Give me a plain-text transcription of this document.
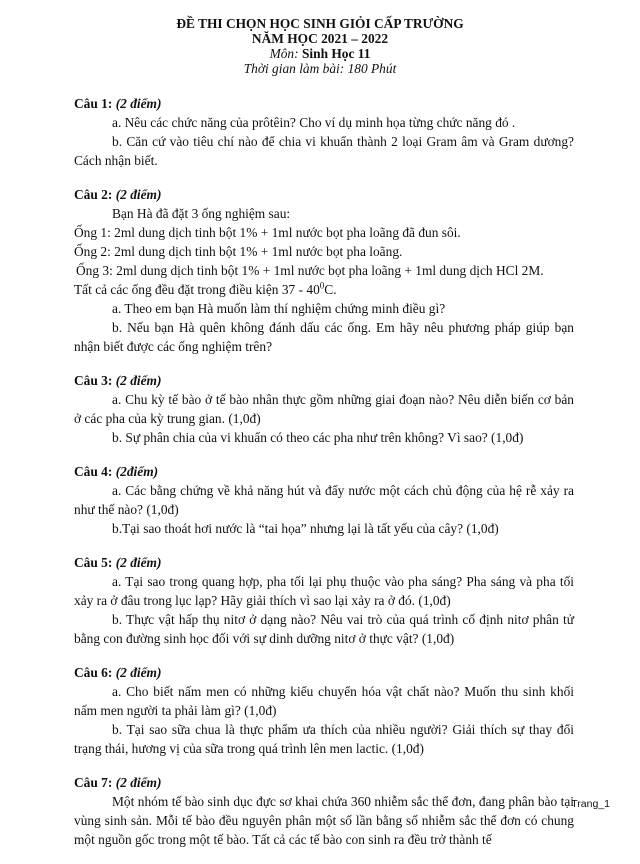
ĐỀ THI CHỌN HỌC SINH GIỎI CẤP TRƯỜNG
NĂM HỌC 2021 – 2022
Môn: Sinh Học 11
Thời gian làm bài: 180 Phút
Câu 1: (2 điểm)
a. Nêu các chức năng của prôtêin? Cho ví dụ minh họa từng chức năng đó .
b. Căn cứ vào tiêu chí nào để chia vi khuẩn thành 2 loại Gram âm và Gram dương? Cách nhận biết.
Câu 2: (2 điểm)
Bạn Hà đã đặt 3 ống nghiệm sau:
Ống 1: 2ml dung dịch tinh bột 1% + 1ml nước bọt pha loãng đã đun sôi.
Ống 2: 2ml dung dịch tinh bột 1% + 1ml nước bọt pha loãng.
Ống 3: 2ml dung dịch tinh bột 1% + 1ml nước bọt pha loãng + 1ml dung dịch HCl 2M.
Tất cả các ống đều đặt trong điều kiện $37 - 40^0C$.
a. Theo em bạn Hà muốn làm thí nghiệm chứng minh điều gì?
b. Nếu bạn Hà quên không đánh dấu các ống. Em hãy nêu phương pháp giúp bạn nhận biết được các ống nghiệm trên?
Câu 3: (2 điểm)
a. Chu kỳ tế bào ở tế bào nhân thực gồm những giai đoạn nào? Nêu diễn biến cơ bản ở các pha của kỳ trung gian. (1,0đ)
b. Sự phân chia của vi khuẩn có theo các pha như trên không? Vì sao? (1,0đ)
Câu 4: (2điểm)
a. Các bằng chứng về khả năng hút và đẩy nước một cách chủ động của hệ rễ xảy ra như thế nào? (1,0đ)
b.Tại sao thoát hơi nước là “tai họa” nhưng lại là tất yếu của cây? (1,0đ)
Câu 5: (2 điểm)
a. Tại sao trong quang hợp, pha tối lại phụ thuộc vào pha sáng? Pha sáng và pha tối xảy ra ở đâu trong lục lạp? Hãy giải thích vì sao lại xảy ra ở đó. (1,0đ)
b. Thực vật hấp thụ nitơ ở dạng nào? Nêu vai trò của quá trình cố định nitơ phân tử bằng con đường sinh học đối với sự dinh dưỡng nitơ ở thực vật? (1,0đ)
Câu 6: (2 điểm)
a. Cho biết nấm men có những kiểu chuyển hóa vật chất nào? Muốn thu sinh khối nấm men người ta phải làm gì? (1,0đ)
b. Tại sao sữa chua là thực phẩm ưa thích của nhiều người? Giải thích sự thay đổi trạng thái, hương vị của sữa trong quá trình lên men lactic. (1,0đ)
Câu 7: (2 điểm)
Một nhóm tế bào sinh dục đực sơ khai chứa 360 nhiễm sắc thể đơn, đang phân bào tại vùng sinh sản. Mỗi tế bào đều nguyên phân một số lần bằng số nhiễm sắc thể đơn có chung một nguồn gốc trong một tế bào. Tất cả các tế bào con sinh ra đều trở thành tế
Trang_1
